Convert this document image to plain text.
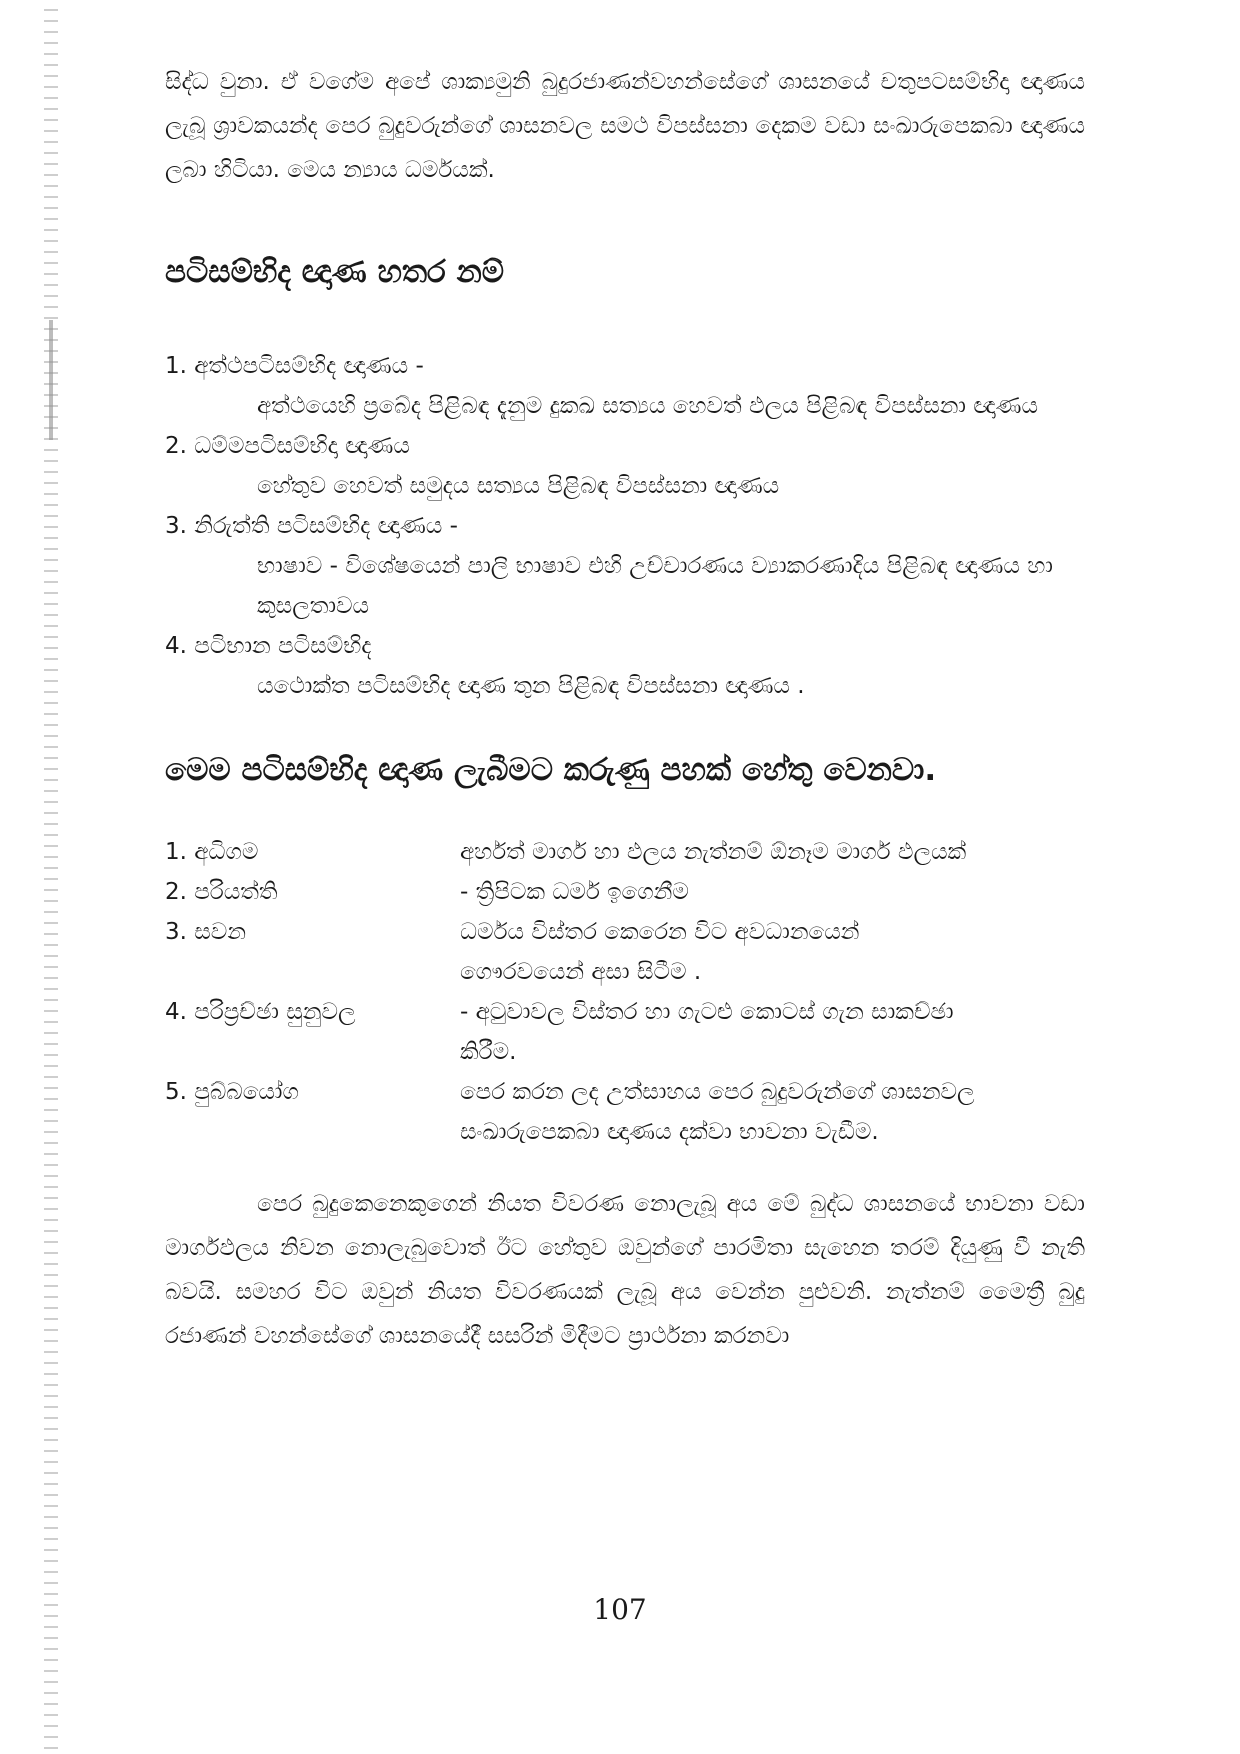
සිද්ධ වුනා. ඒ වගේම අපේ ශාක්‍යමුනි බුදුරජාණන්වහන්සේගේ ශාසනයේ චතුපටසම්භිදා ඥාණය ලැබූ ශ්‍රාවකයන්ද පෙර බුදුවරුන්ගේ ශාසනවල සමථ විපස්සනා දෙකම වඩා සංඛාරුපෙකබා ඥාණය ලබා හිටියා. මෙය න්‍යාය ධර්මයක්.

පටිසම්භිද ඥාණ හතර නම්
1. අත්ථපටිසම්භිද ඥාණය -
අත්ථයෙහි ප්‍රබේද පිළිබඳ දැනුම දුකඛ සත්‍යය හෙවත් ඵලය පිළිබඳ විපස්සනා ඥාණය
2. ධම්මපටිසම්භිදා ඥාණය
හේතුව හෙවත් සමුදය සත්‍යය පිළිබඳ විපස්සනා ඥාණය
3. නිරුත්ති පටිසම්භිද ඥාණය -
භාෂාව - විශේෂයෙන් පාලි භාෂාව එහි උච්චාරණය ව්‍යාකරණාදිය පිළිබඳ ඥාණය හා කුසලතාවය
4. පටිභාන පටිසම්භිද
යථොක්ත පටිසම්භිද ඥාණ තුන පිළිබඳ විපස්සනා ඥාණය .
මෙම පටිසම්භිද ඥාණ ලැබීමට කරුණු පහක් හේතු වෙනවා.
1. අධිගම	අර්හත් මාර්ග හා ඵලය නැත්නම් ඕනෑම මාර්ග ඵලයක්
2. පරියත්ති	- ත්‍රිපිටක ධර්ම ඉගෙනීම
3. සවන	ධර්මය විස්තර කෙරෙන විට අවධානයෙන් ගෞරවයෙන් අසා සිටීම .
4. පරිප්‍රච්ඡා සුනුවල	- අටුවාවල විස්තර හා ගැටළු කොටස් ගැන සාකච්ඡා කිරීම.
5. පුබ්බයෝග	පෙර කරන ලද උත්සාහය පෙර බුදුවරුන්ගේ ශාසනවල සංඛාරුපෙකබා ඥාණය දක්වා භාවනා වැඩීම.

පෙර බුදුකෙනෙකුගෙන් නියත විවරණ නොලැබූ අය මේ බුද්ධ ශාසනයේ භාවනා වඩා මාර්ගඵලය නිවන නොලැබුවොත් ඊට හේතුව ඔවුන්ගේ පාරමිතා සැහෙන තරම් දියුණු වී නැති බවයි. සමහර විට ඔවුන් නියත විවරණයක් ලැබූ අය වෙන්න පුළුවනි. නැත්නම් මෛත්‍රී බුදු රජාණන් වහන්සේගේ ශාසනයේදී සසරින් මිදීමට ප්‍රාර්ථනා කරනවා

107
